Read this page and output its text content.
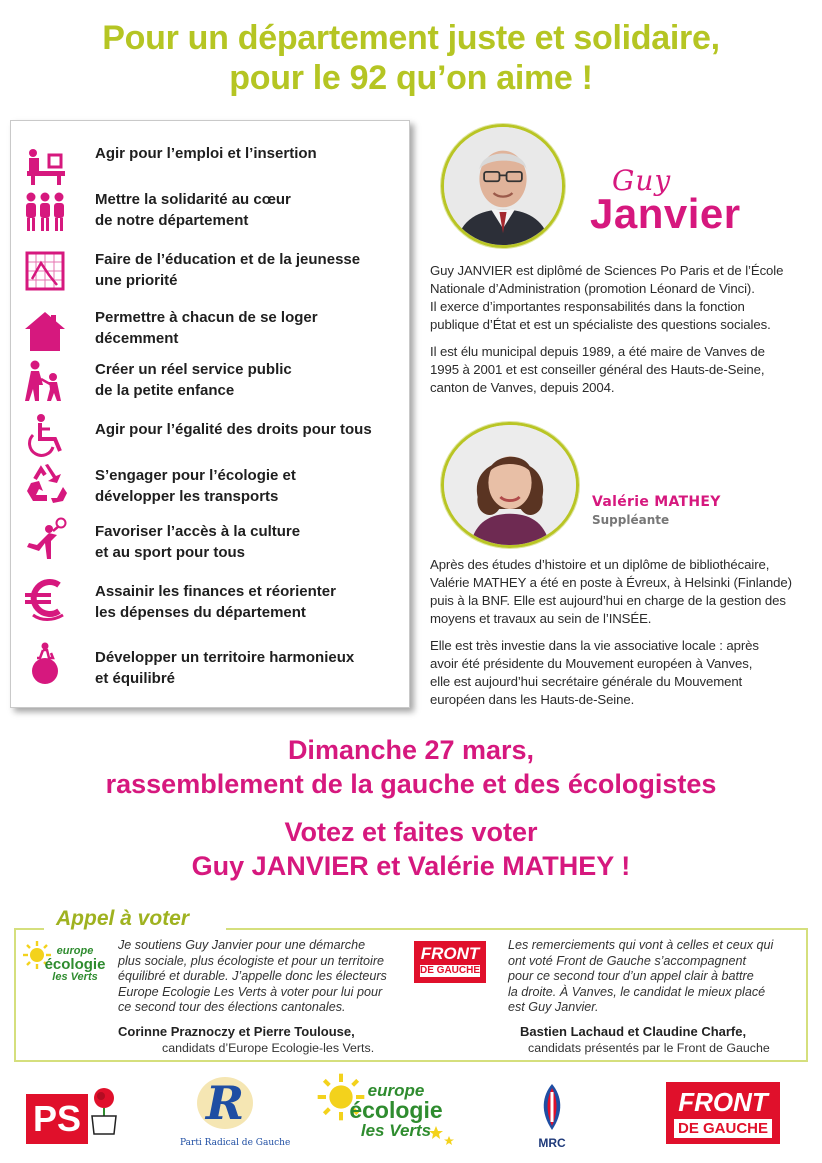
Pour un département juste et solidaire,
pour le 92 qu’on aime !
Agir pour l’emploi et l’insertion
Mettre la solidarité au cœur
de notre département
Faire de l’éducation et de la jeunesse
une priorité
Permettre à chacun de se loger
décemment
Créer un réel service public
de la petite enfance
Agir pour l’égalité des droits pour tous
S’engager pour l’écologie et
développer les transports
Favoriser l’accès à la culture
et au sport pour tous
Assainir les finances et réorienter
les dépenses du département
Développer un territoire harmonieux
et équilibré
Guy
Janvier
Guy JANVIER est diplômé de Sciences Po Paris et de l’École
Nationale d’Administration (promotion Léonard de Vinci).
Il exerce d’importantes responsabilités dans la fonction
publique d’État et est un spécialiste des questions sociales.
Il est élu municipal depuis 1989, a été maire de Vanves de
1995 à 2001 et est conseiller général des Hauts-de-Seine,
canton de Vanves, depuis 2004.
Valérie MATHEY
Suppléante
Après des études d’histoire et un diplôme de bibliothécaire,
Valérie MATHEY a été en poste à Évreux, à Helsinki (Finlande)
puis à la BNF. Elle est aujourd’hui en charge de la gestion des
moyens et travaux au sein de l’INSÉE.
Elle est très investie dans la vie associative locale : après
avoir été présidente du Mouvement européen à Vanves,
elle est aujourd’hui secrétaire générale du Mouvement
européen dans les Hauts-de-Seine.
Dimanche 27 mars,
rassemblement de la gauche et des écologistes
Votez et faites voter
Guy JANVIER et Valérie MATHEY !
Appel à voter
europe
écologie
les Verts
Je soutiens Guy Janvier pour une démarche
plus sociale, plus écologiste et pour un territoire
équilibré et durable. J’appelle donc les électeurs
Europe Ecologie Les Verts à voter pour lui pour
ce second tour des élections cantonales.
Corinne Praznoczy et Pierre Toulouse,
candidats d’Europe Ecologie-les Verts.
FRONT
DE GAUCHE
Les remerciements qui vont à celles et ceux qui
ont voté Front de Gauche s’accompagnent
pour ce second tour d’un appel clair à battre
la droite. À Vanves, le candidat le mieux placé
est Guy Janvier.
Bastien Lachaud et Claudine Charfe,
candidats présentés par le Front de Gauche
PS	R
Parti Radical de Gauche
europe
écologie
les Verts
MRC
FRONT
DE GAUCHE
